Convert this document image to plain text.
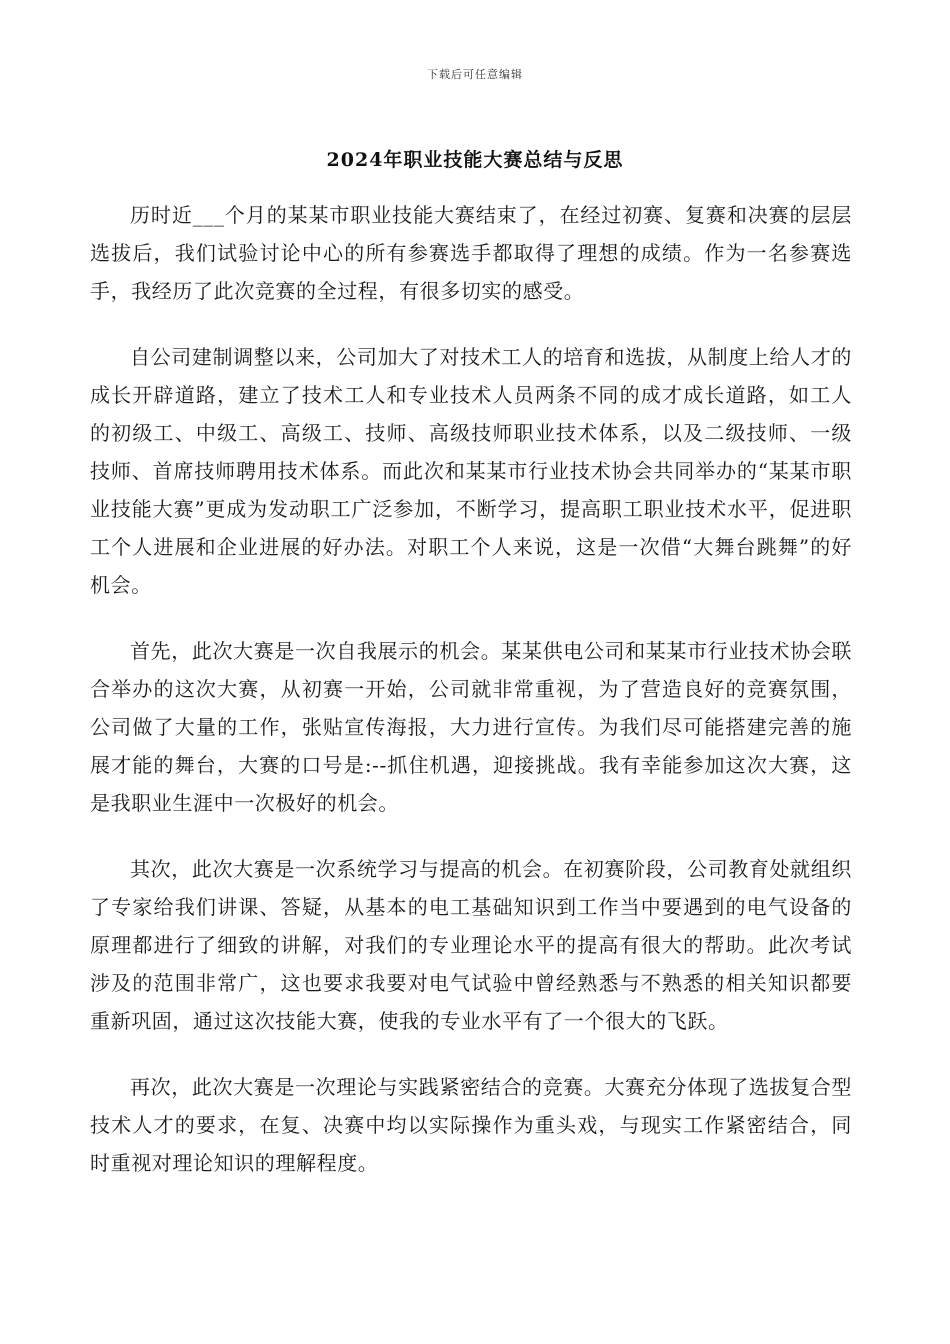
下载后可任意编辑
2024年职业技能大赛总结与反思

历时近___个月的某某市职业技能大赛结束了，在经过初赛、复赛和决赛的层层选拔后，我们试验讨论中心的所有参赛选手都取得了理想的成绩。作为一名参赛选手，我经历了此次竞赛的全过程，有很多切实的感受。

自公司建制调整以来，公司加大了对技术工人的培育和选拔，从制度上给人才的成长开辟道路，建立了技术工人和专业技术人员两条不同的成才成长道路，如工人的初级工、中级工、高级工、技师、高级技师职业技术体系，以及二级技师、一级技师、首席技师聘用技术体系。而此次和某某市行业技术协会共同举办的“某某市职业技能大赛”更成为发动职工广泛参加，不断学习，提高职工职业技术水平，促进职工个人进展和企业进展的好办法。对职工个人来说，这是一次借“大舞台跳舞”的好机会。

首先，此次大赛是一次自我展示的机会。某某供电公司和某某市行业技术协会联合举办的这次大赛，从初赛一开始，公司就非常重视，为了营造良好的竞赛氛围，公司做了大量的工作，张贴宣传海报，大力进行宣传。为我们尽可能搭建完善的施展才能的舞台，大赛的口号是:--抓住机遇，迎接挑战。我有幸能参加这次大赛，这是我职业生涯中一次极好的机会。

其次，此次大赛是一次系统学习与提高的机会。在初赛阶段，公司教育处就组织了专家给我们讲课、答疑，从基本的电工基础知识到工作当中要遇到的电气设备的原理都进行了细致的讲解，对我们的专业理论水平的提高有很大的帮助。此次考试涉及的范围非常广，这也要求我要对电气试验中曾经熟悉与不熟悉的相关知识都要重新巩固，通过这次技能大赛，使我的专业水平有了一个很大的飞跃。

再次，此次大赛是一次理论与实践紧密结合的竞赛。大赛充分体现了选拔复合型技术人才的要求，在复、决赛中均以实际操作为重头戏，与现实工作紧密结合，同时重视对理论知识的理解程度。
